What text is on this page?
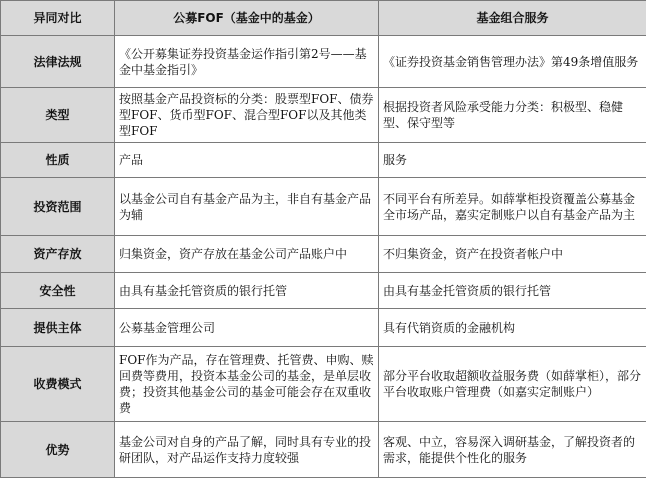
异同对比	公募FOF（基金中的基金）	基金组合服务
法律法规	《公开募集证券投资基金运作指引第2号——基金中基金指引》	《证券投资基金销售管理办法》第49条增值服务
类型	按照基金产品投资标的分类：股票型FOF、债券型FOF、货币型FOF、混合型FOF以及其他类型FOF	根据投资者风险承受能力分类：积极型、稳健型、保守型等
性质	产品	服务
投资范围	以基金公司自有基金产品为主，非自有基金产品为辅	不同平台有所差异。如薛掌柜投资覆盖公募基金全市场产品，嘉实定制账户以自有基金产品为主
资产存放	归集资金，资产存放在基金公司产品账户中	不归集资金，资产在投资者帐户中
安全性	由具有基金托管资质的银行托管	由具有基金托管资质的银行托管
提供主体	公募基金管理公司	具有代销资质的金融机构
收费模式	FOF作为产品，存在管理费、托管费、申购、赎回费等费用，投资本基金公司的基金，是单层收费；投资其他基金公司的基金可能会存在双重收费	部分平台收取超额收益服务费（如薛掌柜），部分平台收取账户管理费（如嘉实定制账户）
优势	基金公司对自身的产品了解，同时具有专业的投研团队，对产品运作支持力度较强	客观、中立，容易深入调研基金，了解投资者的需求，能提供个性化的服务
